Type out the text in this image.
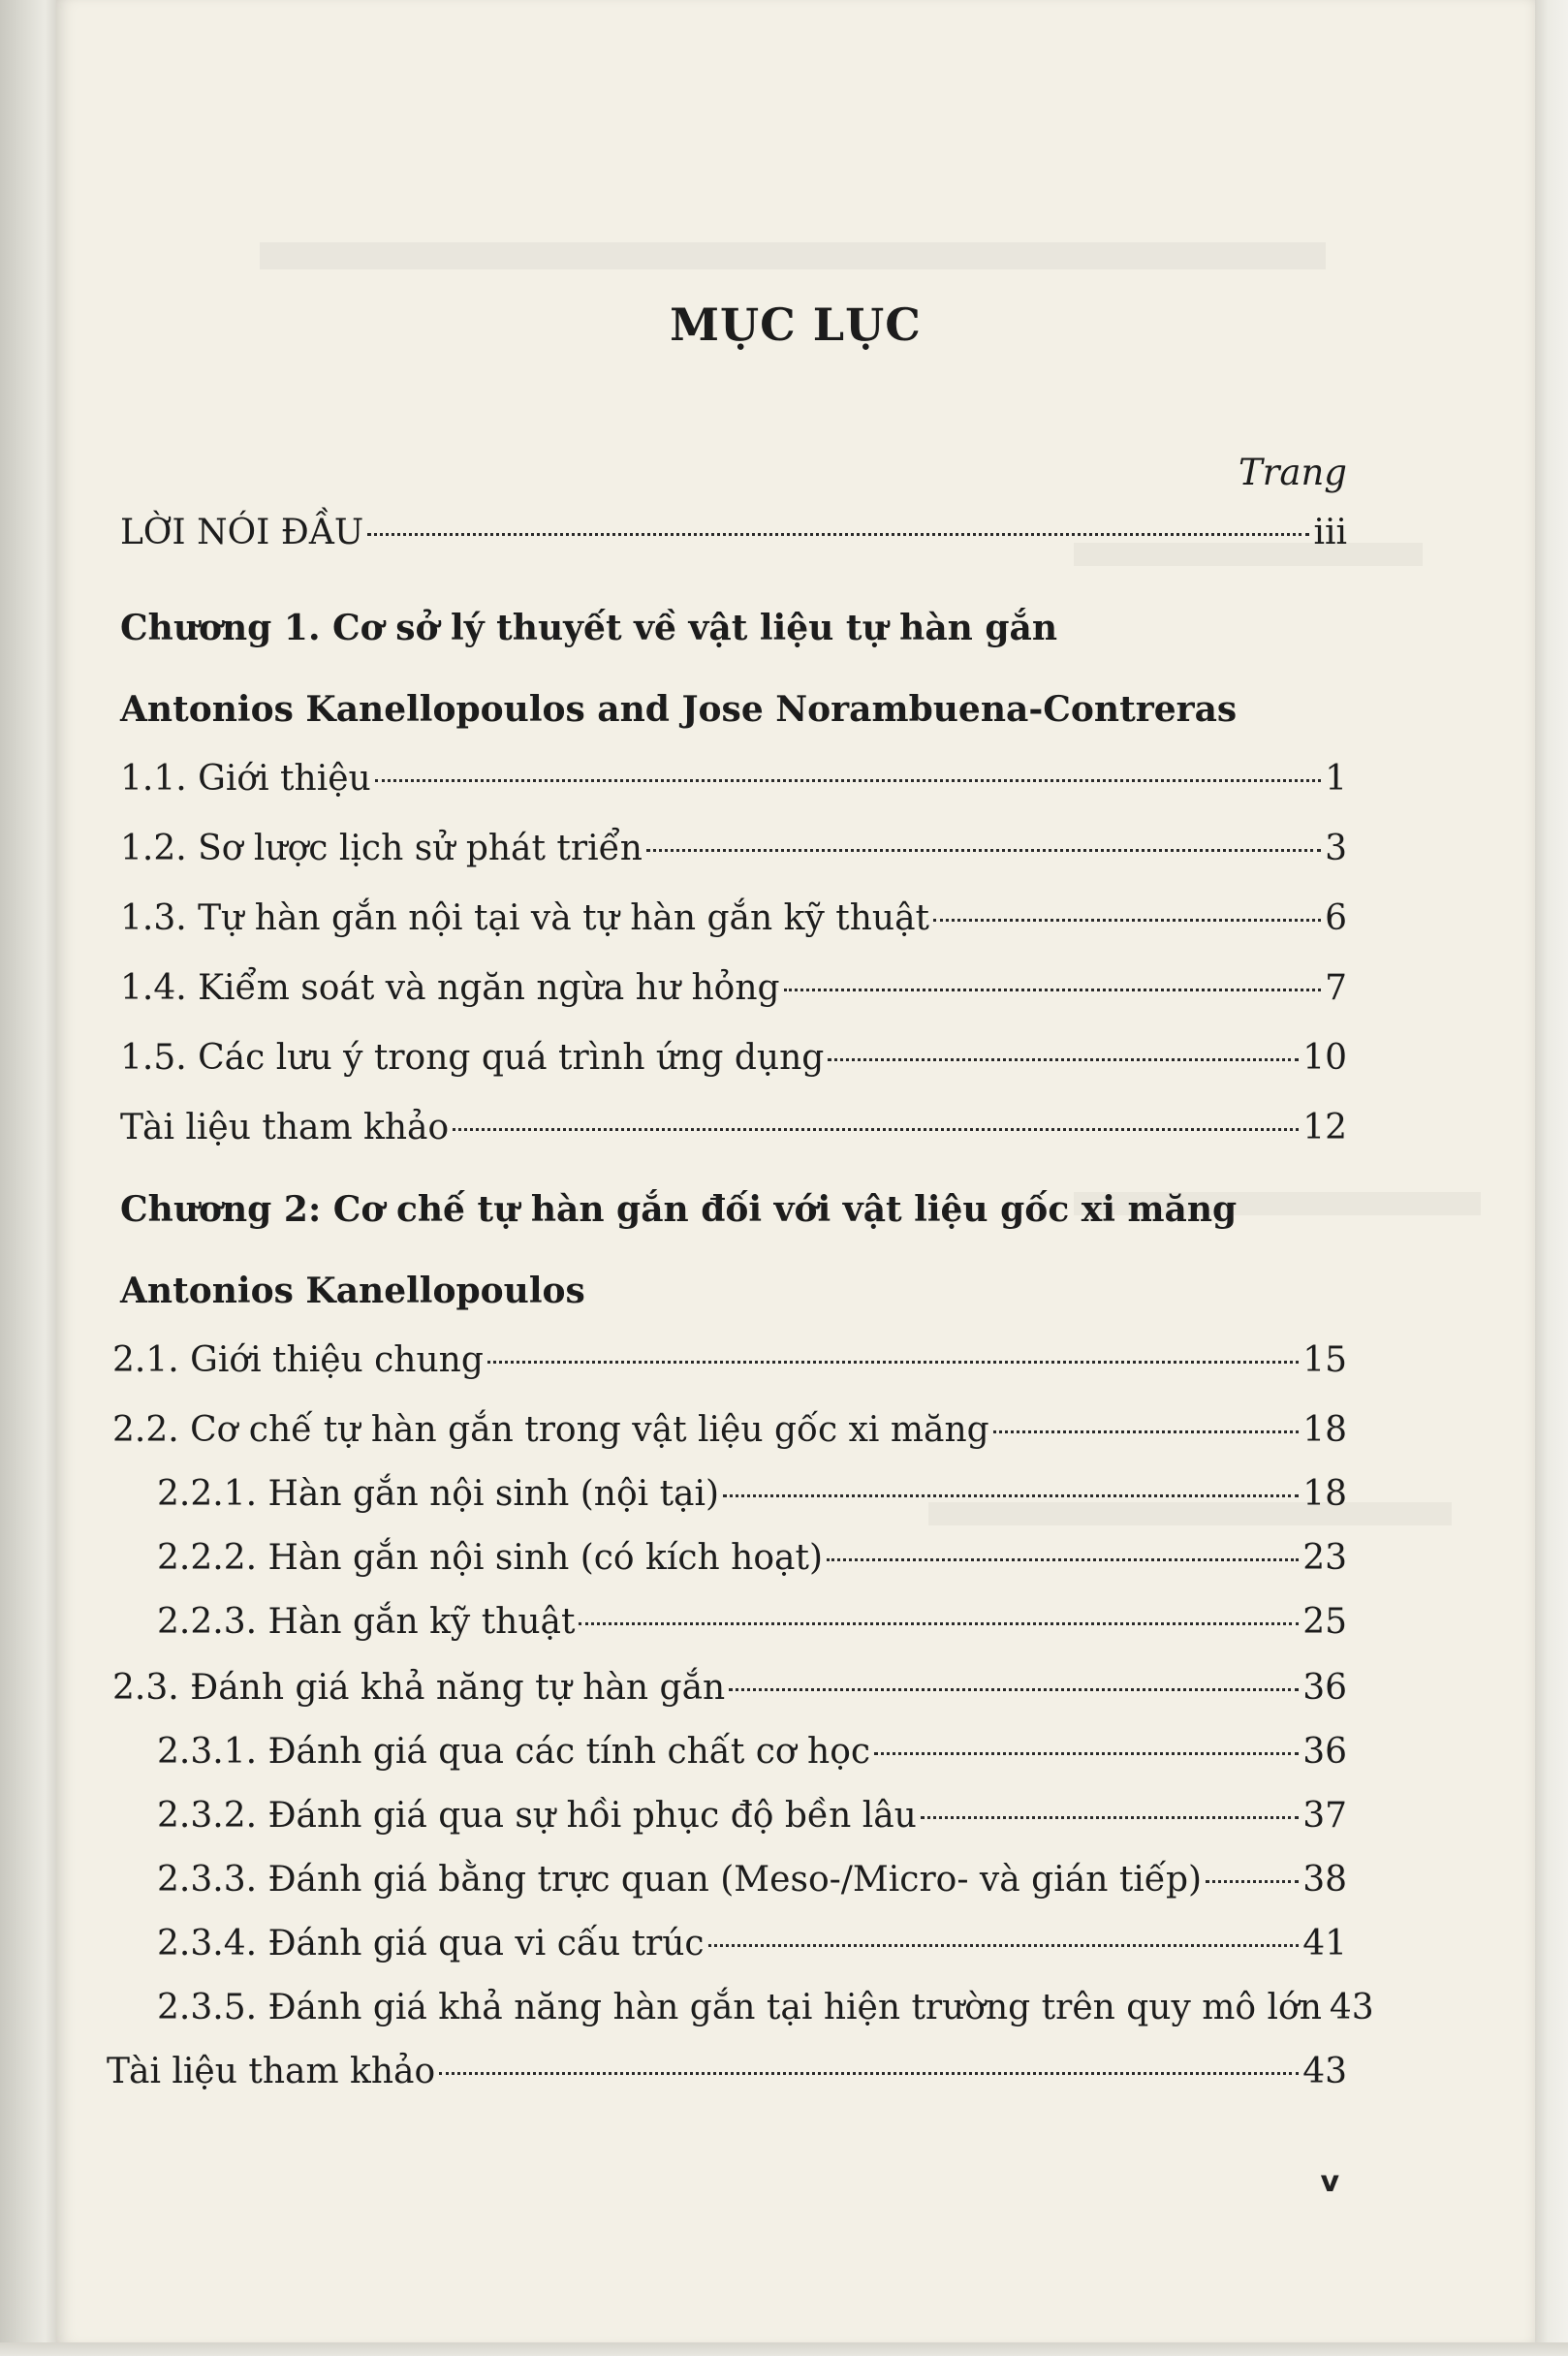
MỤC LỤC
Trang
LỜI NÓI ĐẦU	iii
Chương 1. Cơ sở lý thuyết về vật liệu tự hàn gắn
Antonios Kanellopoulos and Jose Norambuena-Contreras
1.1. Giới thiệu	1
1.2. Sơ lược lịch sử phát triển	3
1.3. Tự hàn gắn nội tại và tự hàn gắn kỹ thuật	6
1.4. Kiểm soát và ngăn ngừa hư hỏng	7
1.5. Các lưu ý trong quá trình ứng dụng	10
Tài liệu tham khảo	12
Chương 2: Cơ chế tự hàn gắn đối với vật liệu gốc xi măng
Antonios Kanellopoulos
2.1. Giới thiệu chung	15
2.2. Cơ chế tự hàn gắn trong vật liệu gốc xi măng	18
2.2.1. Hàn gắn nội sinh (nội tại)	18
2.2.2. Hàn gắn nội sinh (có kích hoạt)	23
2.2.3. Hàn gắn kỹ thuật	25
2.3. Đánh giá khả năng tự hàn gắn	36
2.3.1. Đánh giá qua các tính chất cơ học	36
2.3.2. Đánh giá qua sự hồi phục độ bền lâu	37
2.3.3. Đánh giá bằng trực quan (Meso-/Micro- và gián tiếp)	38
2.3.4. Đánh giá qua vi cấu trúc	41
2.3.5. Đánh giá khả năng hàn gắn tại hiện trường trên quy mô lớn 43
Tài liệu tham khảo	43
v
